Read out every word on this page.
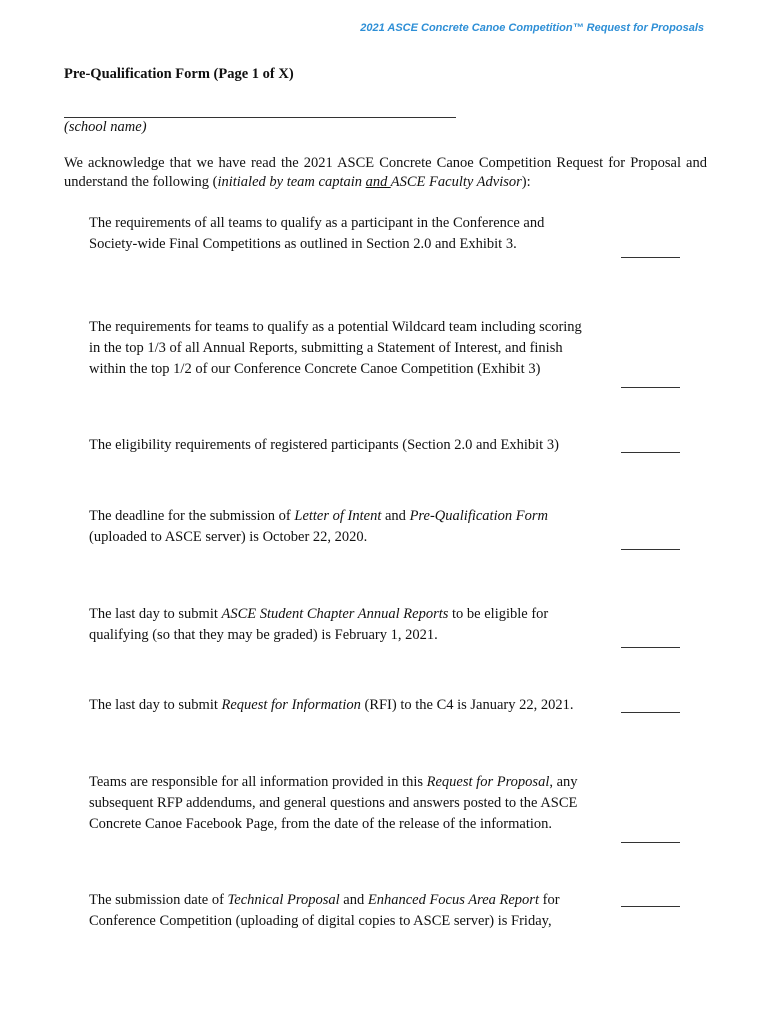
2021 ASCE Concrete Canoe Competition™ Request for Proposals
Pre-Qualification Form (Page 1 of X)
(school name)
We acknowledge that we have read the 2021 ASCE Concrete Canoe Competition Request for Proposal and understand the following (initialed by team captain and ASCE Faculty Advisor):
The requirements of all teams to qualify as a participant in the Conference and
Society-wide Final Competitions as outlined in Section 2.0 and Exhibit 3.
The requirements for teams to qualify as a potential Wildcard team including scoring
in the top 1/3 of all Annual Reports, submitting a Statement of Interest, and finish
within the top 1/2 of our Conference Concrete Canoe Competition (Exhibit 3)
The eligibility requirements of registered participants (Section 2.0 and Exhibit 3)
The deadline for the submission of Letter of Intent and Pre-Qualification Form
(uploaded to ASCE server) is October 22, 2020.
The last day to submit ASCE Student Chapter Annual Reports to be eligible for
qualifying (so that they may be graded) is February 1, 2021.
The last day to submit Request for Information (RFI) to the C4 is January 22, 2021.
Teams are responsible for all information provided in this Request for Proposal, any
subsequent RFP addendums, and general questions and answers posted to the ASCE
Concrete Canoe Facebook Page, from the date of the release of the information.
The submission date of Technical Proposal and Enhanced Focus Area Report for
Conference Competition (uploading of digital copies to ASCE server) is Friday,
